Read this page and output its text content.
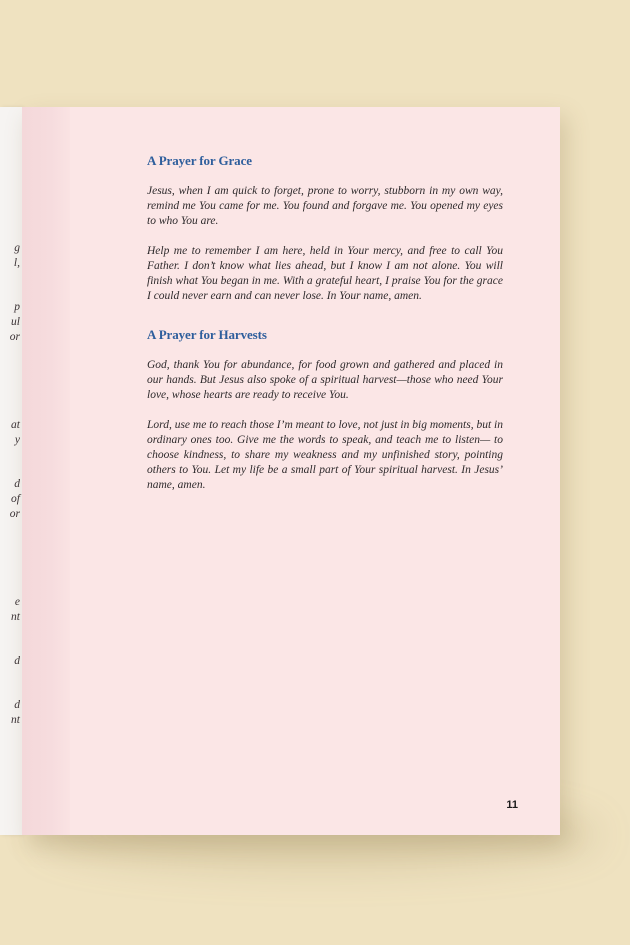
g
l,
p
ul
or
at
y
d
of
or
e
nt
d
d
nt
A Prayer for Grace

Jesus, when I am quick to forget, prone to worry, stubborn in my own way, remind me You came for me. You found and forgave me. You opened my eyes to who You are.

Help me to remember I am here, held in Your mercy, and free to call You Father. I don’t know what lies ahead, but I know I am not alone. You will finish what You began in me. With a grateful heart, I praise You for the grace I could never earn and can never lose. In Your name, amen.

A Prayer for Harvests

God, thank You for abundance, for food grown and gathered and placed in our hands. But Jesus also spoke of a spiritual harvest—those who need Your love, whose hearts are ready to receive You.

Lord, use me to reach those I’m meant to love, not just in big moments, but in ordinary ones too. Give me the words to speak, and teach me to listen— to choose kindness, to share my weakness and my unfinished story, pointing others to You. Let my life be a small part of Your spiritual harvest. In Jesus’ name, amen.

11
